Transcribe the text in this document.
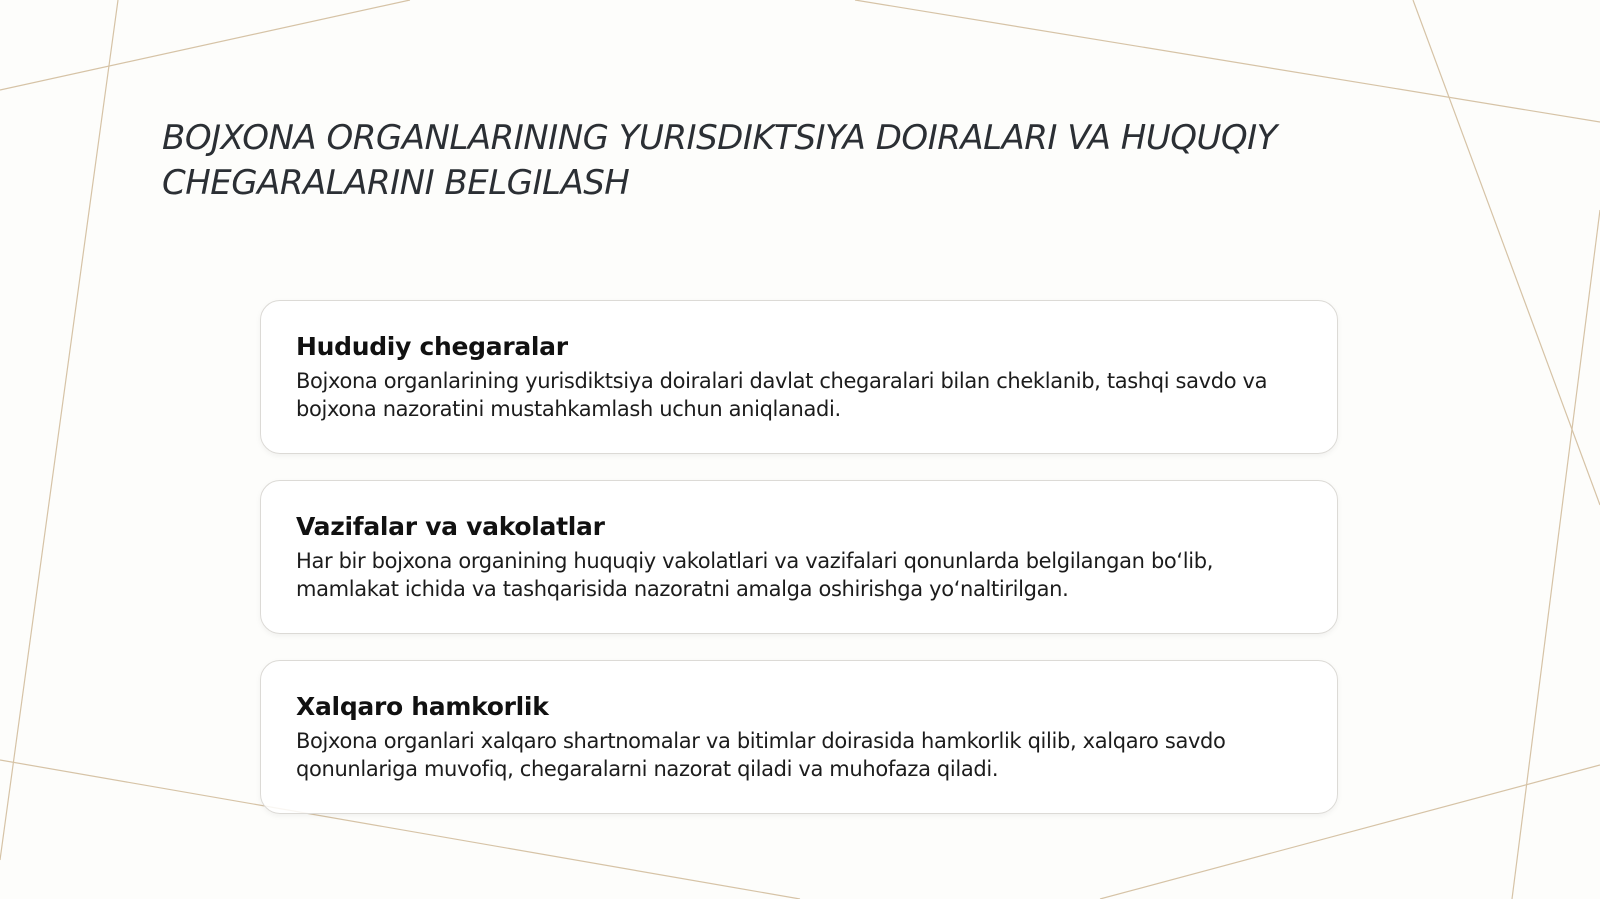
BOJXONA ORGANLARINING YURISDIKTSIYA DOIRALARI VA HUQUQIY CHEGARALARINI BELGILASH
Hududiy chegaralar

Bojxona organlarining yurisdiktsiya doiralari davlat chegaralari bilan cheklanib, tashqi savdo va bojxona nazoratini mustahkamlash uchun aniqlanadi.

Vazifalar va vakolatlar

Har bir bojxona organining huquqiy vakolatlari va vazifalari qonunlarda belgilangan bo‘lib, mamlakat ichida va tashqarisida nazoratni amalga oshirishga yo‘naltirilgan.

Xalqaro hamkorlik

Bojxona organlari xalqaro shartnomalar va bitimlar doirasida hamkorlik qilib, xalqaro savdo qonunlariga muvofiq, chegaralarni nazorat qiladi va muhofaza qiladi.
